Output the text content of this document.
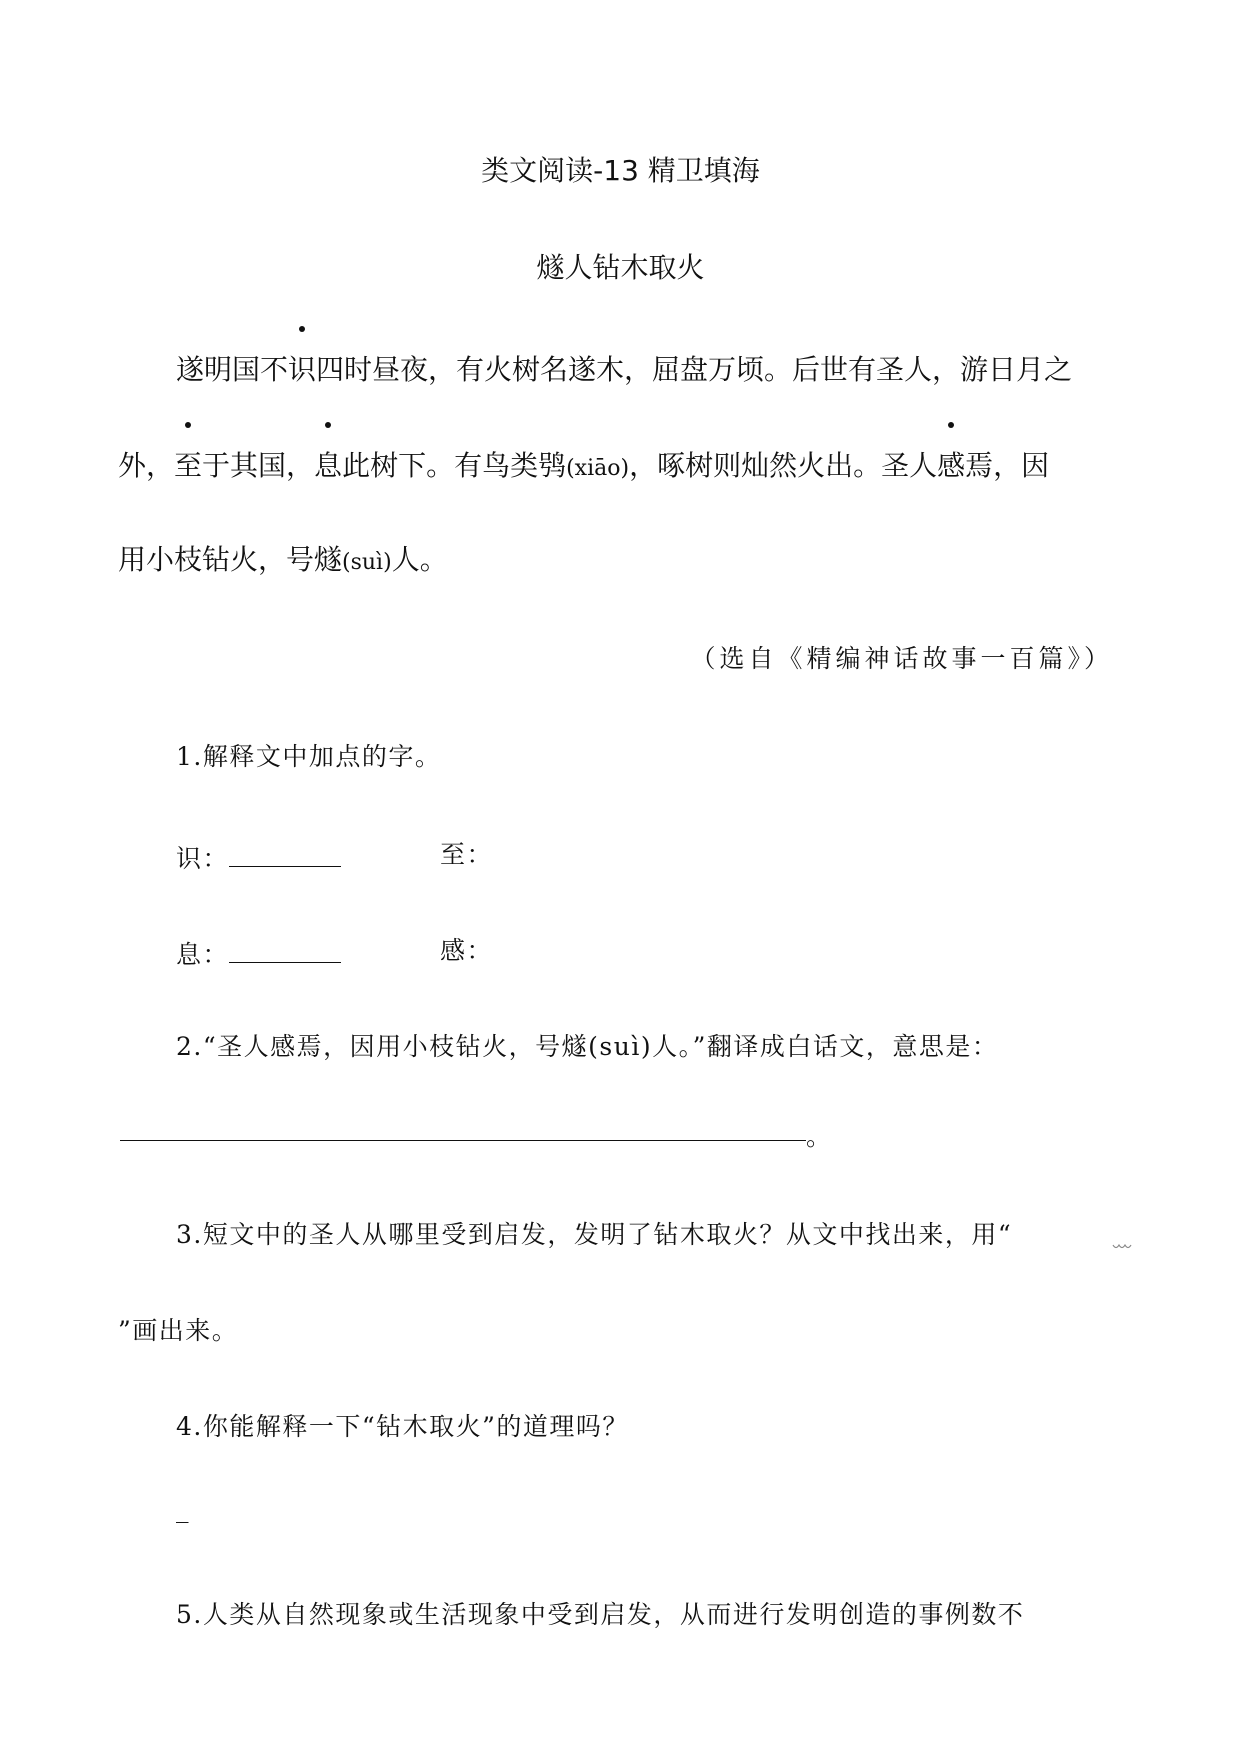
类文阅读-13 精卫填海
燧人钻木取火
遂明国不识四时昼夜，有火树名遂木，屈盘万顷。后世有圣人，游日月之
外，至于其国，息此树下。有鸟类鸮(xiāo)，啄树则灿然火出。圣人感焉，因
用小枝钻火，号燧(suì)人。
（选自《精编神话故事一百篇》）
1.解释文中加点的字。
识：	至：
息：	感：
2.“圣人感焉，因用小枝钻火，号燧(suì)人。”翻译成白话文，意思是：
。
3.短文中的圣人从哪里受到启发，发明了钻木取火？从文中找出来，用“
”画出来。
4.你能解释一下“钻木取火”的道理吗？
_
5.人类从自然现象或生活现象中受到启发，从而进行发明创造的事例数不
